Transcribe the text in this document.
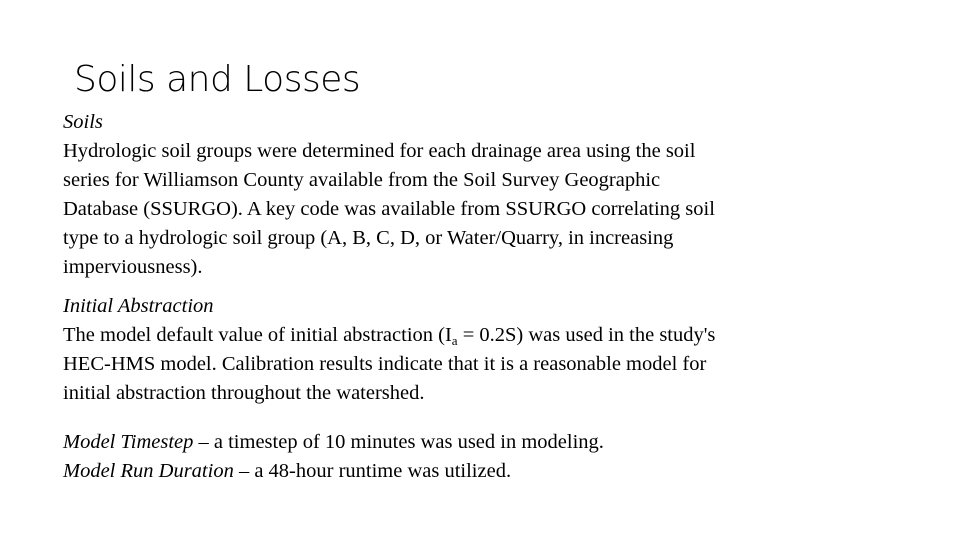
Soils and Losses

Soils

Hydrologic soil groups were determined for each drainage area using the soil

series for Williamson County available from the Soil Survey Geographic

Database (SSURGO). A key code was available from SSURGO correlating soil

type to a hydrologic soil group (A, B, C, D, or Water/Quarry, in increasing

imperviousness).

Initial Abstraction

The model default value of initial abstraction $(I_a = 0.2S)$ was used in the study's

HEC-HMS model. Calibration results indicate that it is a reasonable model for

initial abstraction throughout the watershed.

Model Timestep – a timestep of 10 minutes was used in modeling.

Model Run Duration – a 48-hour runtime was utilized.
